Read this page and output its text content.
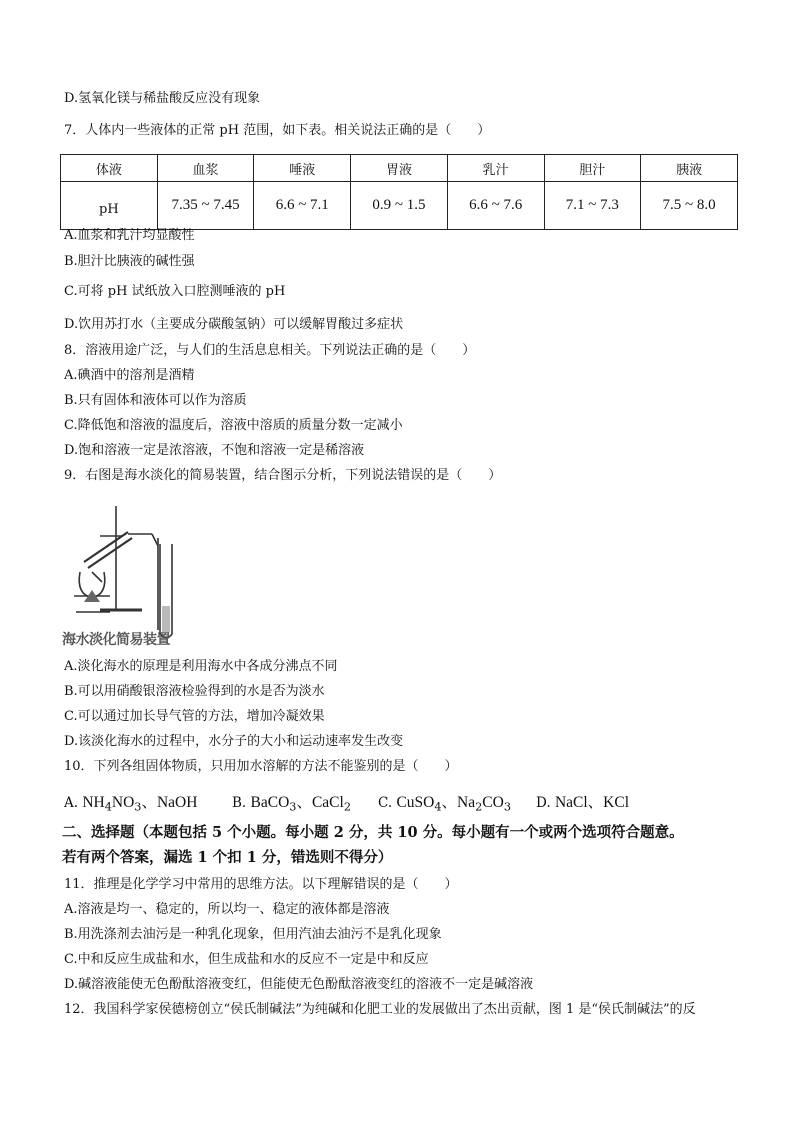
D.氢氧化镁与稀盐酸反应没有现象
7．人体内一些液体的正常 pH 范围，如下表。相关说法正确的是（　　）
体液	血浆	唾液	胃液	乳汁	胆汁	胰液
pH	7.35 ~ 7.45	6.6 ~ 7.1	0.9 ~ 1.5	6.6 ~ 7.6	7.1 ~ 7.3	7.5 ~ 8.0
A.血浆和乳汁均显酸性
B.胆汁比胰液的碱性强
C.可将 pH 试纸放入口腔测唾液的 pH
D.饮用苏打水（主要成分碳酸氢钠）可以缓解胃酸过多症状
8．溶液用途广泛，与人们的生活息息相关。下列说法正确的是（　　）
A.碘酒中的溶剂是酒精
B.只有固体和液体可以作为溶质
C.降低饱和溶液的温度后，溶液中溶质的质量分数一定减小
D.饱和溶液一定是浓溶液，不饱和溶液一定是稀溶液
9．右图是海水淡化的简易装置，结合图示分析，下列说法错误的是（　　）
海水淡化简易装置
A.淡化海水的原理是利用海水中各成分沸点不同
B.可以用硝酸银溶液检验得到的水是否为淡水
C.可以通过加长导气管的方法，增加冷凝效果
D.该淡化海水的过程中，水分子的大小和运动速率发生改变
10．下列各组固体物质，只用加水溶解的方法不能鉴别的是（　　）
A. $NH_4NO_3$、NaOH	B. BaCO$_3$、CaCl$_2$ C. CuSO$_4$、$Na_2CO_3$ D. NaCl、KCl
二、选择题（本题包括 5 个小题。每小题 2 分，共 10 分。每小题有一个或两个选项符合题意。
若有两个答案，漏选 1 个扣 1 分，错选则不得分）
11．推理是化学学习中常用的思维方法。以下理解错误的是（　　）
A.溶液是均一、稳定的，所以均一、稳定的液体都是溶液
B.用洗涤剂去油污是一种乳化现象，但用汽油去油污不是乳化现象
C.中和反应生成盐和水，但生成盐和水的反应不一定是中和反应
D.碱溶液能使无色酚酞溶液变红，但能使无色酚酞溶液变红的溶液不一定是碱溶液
12．我国科学家侯德榜创立“侯氏制碱法”为纯碱和化肥工业的发展做出了杰出贡献，图 1 是“侯氏制碱法”的反
